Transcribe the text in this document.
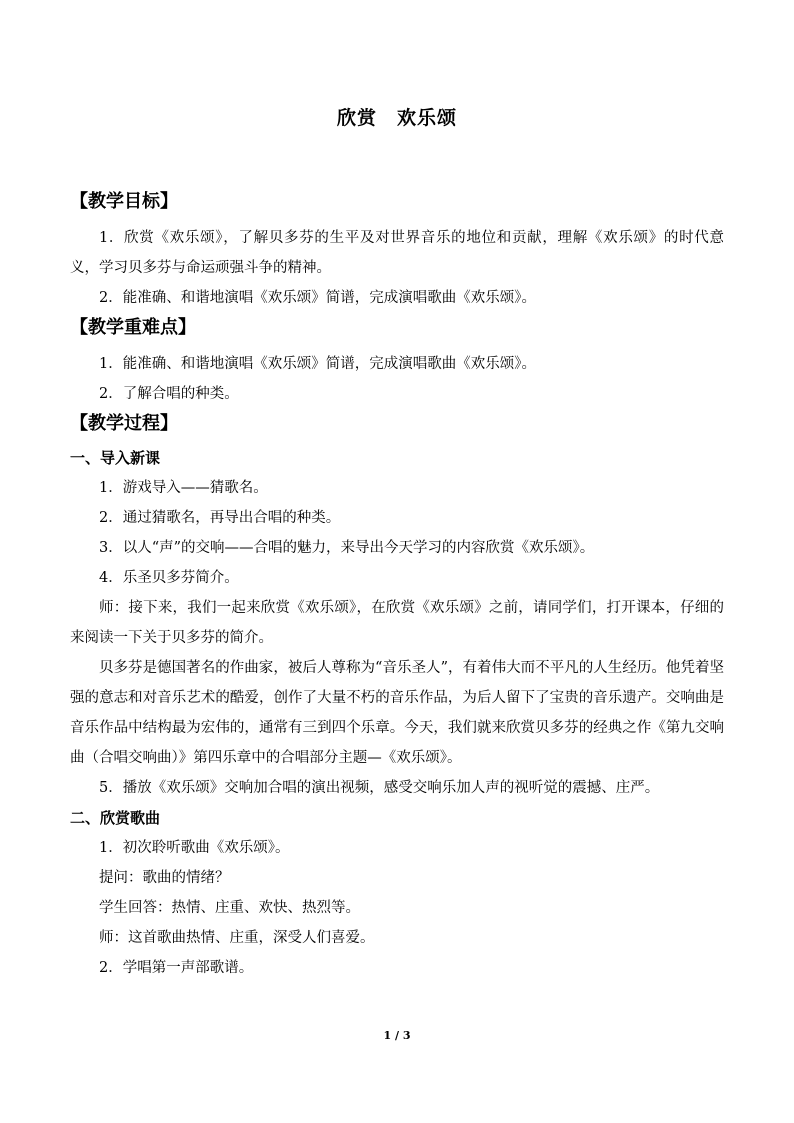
欣赏　欢乐颂
【教学目标】

1．欣赏《欢乐颂》，了解贝多芬的生平及对世界音乐的地位和贡献，理解《欢乐颂》的时代意义，学习贝多芬与命运顽强斗争的精神。

2．能准确、和谐地演唱《欢乐颂》简谱，完成演唱歌曲《欢乐颂》。

【教学重难点】

1．能准确、和谐地演唱《欢乐颂》简谱，完成演唱歌曲《欢乐颂》。

2．了解合唱的种类。

【教学过程】
一、导入新课

1．游戏导入——猜歌名。

2．通过猜歌名，再导出合唱的种类。

3．以人“声”的交响——合唱的魅力，来导出今天学习的内容欣赏《欢乐颂》。

4．乐圣贝多芬简介。

师：接下来，我们一起来欣赏《欢乐颂》，在欣赏《欢乐颂》之前，请同学们，打开课本，仔细的来阅读一下关于贝多芬的简介。

贝多芬是德国著名的作曲家，被后人尊称为“音乐圣人”，有着伟大而不平凡的人生经历。他凭着坚强的意志和对音乐艺术的酷爱，创作了大量不朽的音乐作品，为后人留下了宝贵的音乐遗产。交响曲是音乐作品中结构最为宏伟的，通常有三到四个乐章。今天，我们就来欣赏贝多芬的经典之作《第九交响曲（合唱交响曲）》第四乐章中的合唱部分主题—《欢乐颂》。

5．播放《欢乐颂》交响加合唱的演出视频，感受交响乐加人声的视听觉的震撼、庄严。

二、欣赏歌曲

1．初次聆听歌曲《欢乐颂》。

提问：歌曲的情绪？

学生回答：热情、庄重、欢快、热烈等。

师：这首歌曲热情、庄重，深受人们喜爱。

2．学唱第一声部歌谱。

1 / 3
